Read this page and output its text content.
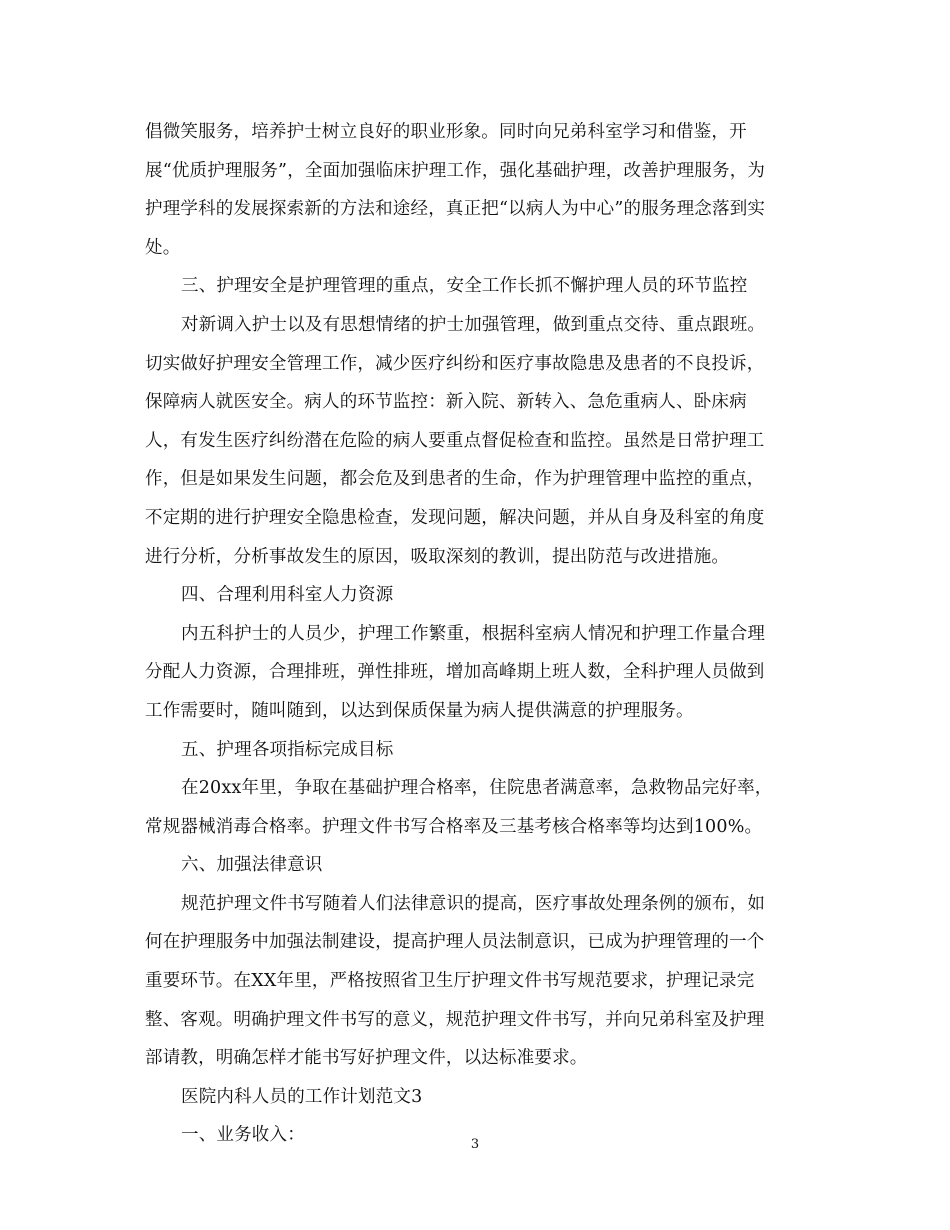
倡微笑服务，培养护士树立良好的职业形象。同时向兄弟科室学习和借鉴，开
展“优质护理服务”，全面加强临床护理工作，强化基础护理，改善护理服务，为
护理学科的发展探索新的方法和途经，真正把“以病人为中心”的服务理念落到实
处。
三、护理安全是护理管理的重点，安全工作长抓不懈护理人员的环节监控
对新调入护士以及有思想情绪的护士加强管理，做到重点交待、重点跟班。
切实做好护理安全管理工作，减少医疗纠纷和医疗事故隐患及患者的不良投诉，
保障病人就医安全。病人的环节监控：新入院、新转入、急危重病人、卧床病
人，有发生医疗纠纷潜在危险的病人要重点督促检查和监控。虽然是日常护理工
作，但是如果发生问题，都会危及到患者的生命，作为护理管理中监控的重点，
不定期的进行护理安全隐患检查，发现问题，解决问题，并从自身及科室的角度
进行分析，分析事故发生的原因，吸取深刻的教训，提出防范与改进措施。
四、合理利用科室人力资源
内五科护士的人员少，护理工作繁重，根据科室病人情况和护理工作量合理
分配人力资源，合理排班，弹性排班，增加高峰期上班人数，全科护理人员做到
工作需要时，随叫随到，以达到保质保量为病人提供满意的护理服务。
五、护理各项指标完成目标
在20xx年里，争取在基础护理合格率，住院患者满意率，急救物品完好率，
常规器械消毒合格率。护理文件书写合格率及三基考核合格率等均达到100%。
六、加强法律意识
规范护理文件书写随着人们法律意识的提高，医疗事故处理条例的颁布，如
何在护理服务中加强法制建设，提高护理人员法制意识，已成为护理管理的一个
重要环节。在XX年里，严格按照省卫生厅护理文件书写规范要求，护理记录完
整、客观。明确护理文件书写的意义，规范护理文件书写，并向兄弟科室及护理
部请教，明确怎样才能书写好护理文件，以达标准要求。
医院内科人员的工作计划范文3
一、业务收入：	3
